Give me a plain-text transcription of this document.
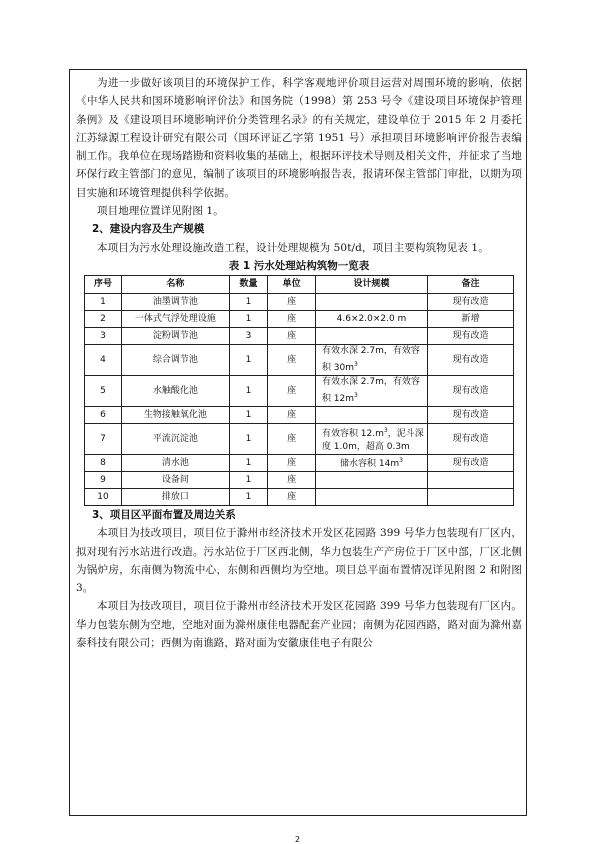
为进一步做好该项目的环境保护工作，科学客观地评价项目运营对周围环境的影响，依据《中华人民共和国环境影响评价法》和国务院（1998）第 253 号令《建设项目环境保护管理条例》及《建设项目环境影响评价分类管理名录》的有关规定，建设单位于 2015 年 2 月委托江苏绿源工程设计研究有限公司（国环评证乙字第 1951 号）承担项目环境影响评价报告表编制工作。我单位在现场踏勘和资料收集的基础上，根据环评技术导则及相关文件，并征求了当地环保行政主管部门的意见，编制了该项目的环境影响报告表，报请环保主管部门审批，以期为项目实施和环境管理提供科学依据。

项目地理位置详见附图 1。

2、建设内容及生产规模

本项目为污水处理设施改造工程，设计处理规模为 50t/d，项目主要构筑物见表 1。

表 1 污水处理站构筑物一览表
序号	名称	数量	单位	设计规模	备注
1	油墨调节池	1	座		现有改造
2	一体式气浮处理设施	1	座	4.6×2.0×2.0 m	新增
3	淀粉调节池	3	座		现有改造
4	综合调节池	1	座	有效水深 2.7m，有效容积 $30m^3$	现有改造
5	水触酸化池	1	座	有效水深 2.7m，有效容积 $12m^3$	现有改造
6	生物接触氧化池	1	座		现有改造
7	平流沉淀池	1	座	有效容积 $12.m^3$，泥斗深度 1.0m，超高 0.3m	现有改造
8	清水池	1	座	储水容积 $14m^3$	现有改造
9	设备间	1	座		
10	排放口	1	座		
3、项目区平面布置及周边关系

本项目为技改项目，项目位于滁州市经济技术开发区花园路 399 号华力包装现有厂区内，拟对现有污水站进行改造。污水站位于厂区西北侧，华力包装生产产房位于厂区中部，厂区北侧为锅炉房，东南侧为物流中心，东侧和西侧均为空地。项目总平面布置情况详见附图 2 和附图 3。

本项目为技改项目，项目位于滁州市经济技术开发区花园路 399 号华力包装现有厂区内。华力包装东侧为空地，空地对面为滁州康佳电器配套产业园；南侧为花园西路，路对面为滁州嘉泰科技有限公司；西侧为南谯路，路对面为安徽康佳电子有限公

2
